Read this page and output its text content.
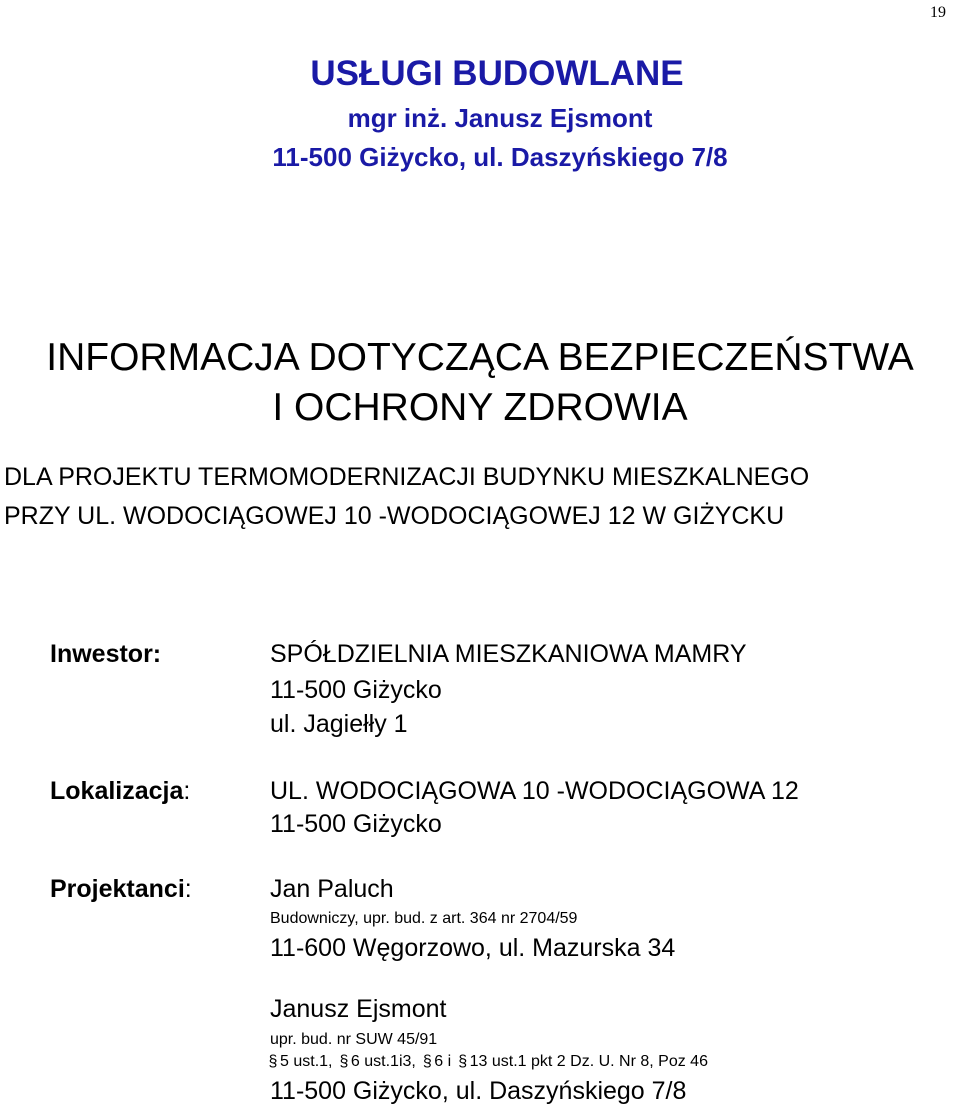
19
USŁUGI BUDOWLANE
mgr inż. Janusz Ejsmont
11-500 Giżycko, ul. Daszyńskiego 7/8
INFORMACJA DOTYCZĄCA BEZPIECZEŃSTWA
I OCHRONY ZDROWIA
DLA PROJEKTU TERMOMODERNIZACJI BUDYNKU MIESZKALNEGO
PRZY UL. WODOCIĄGOWEJ 10 -WODOCIĄGOWEJ 12 W GIŻYCKU
Inwestor:	SPÓŁDZIELNIA MIESZKANIOWA MAMRY
11-500 Giżycko
ul. Jagiełły 1
Lokalizacja:	UL. WODOCIĄGOWA 10 -WODOCIĄGOWA 12
11-500 Giżycko
Projektanci:	Jan Paluch
Budowniczy, upr. bud. z art. 364 nr 2704/59
11-600 Węgorzowo, ul. Mazurska 34
Janusz Ejsmont
upr. bud. nr SUW 45/91
§ 5 ust.1, § 6 ust.1i3, § 6 i § 13 ust.1 pkt 2 Dz. U. Nr 8, Poz 46
11-500 Giżycko, ul. Daszyńskiego 7/8
